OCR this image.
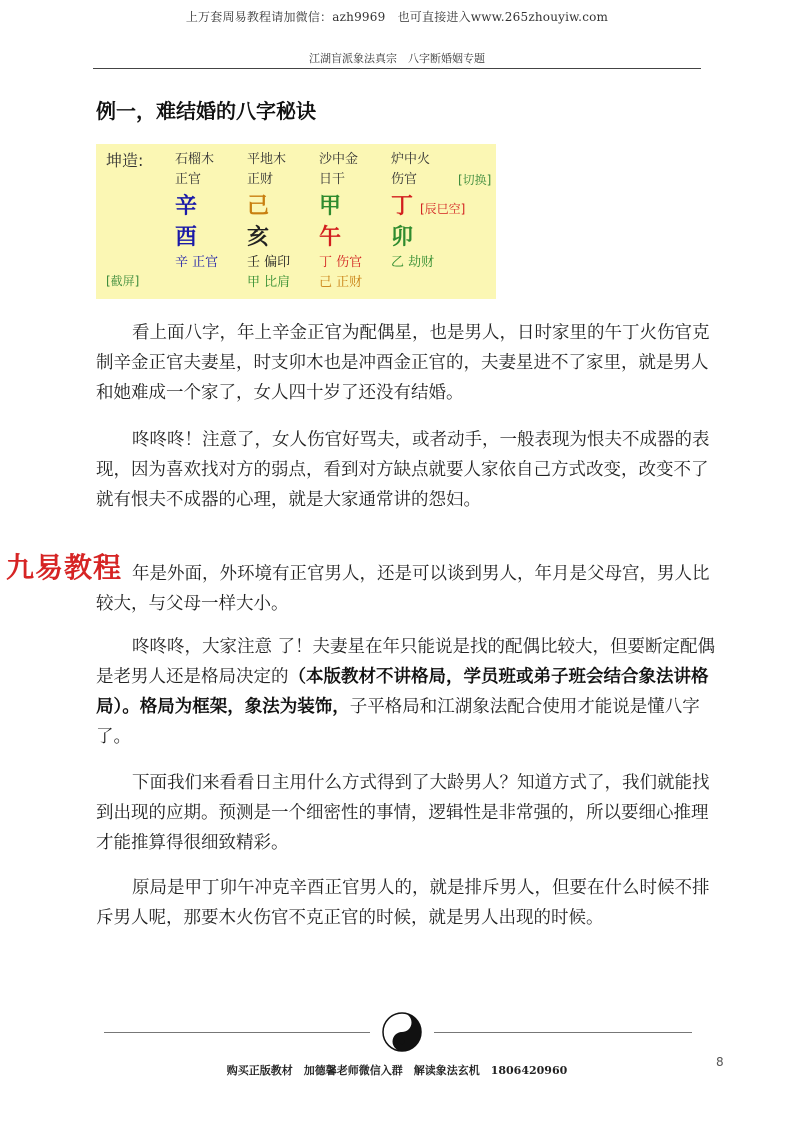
上万套周易教程请加微信：azh9969　也可直接进入www.265zhouyiw.com
江湖盲派象法真宗　八字断婚姻专题
例一，难结婚的八字秘诀
坤造: 石榴木
正官
辛
酉
辛 正官
平地木
正财
己
亥
壬 偏印
甲 比肩
沙中金
日干
甲
午
丁 伤官
己 正财
炉中火
伤官
丁
卯
乙 劫财
[辰巳空]
[切换]
[截屏]

看上面八字，年上辛金正官为配偶星，也是男人，日时家里的午丁火伤官克制辛金正官夫妻星，时支卯木也是冲酉金正官的，夫妻星进不了家里，就是男人和她难成一个家了，女人四十岁了还没有结婚。

咚咚咚！注意了，女人伤官好骂夫，或者动手，一般表现为恨夫不成器的表现，因为喜欢找对方的弱点，看到对方缺点就要人家依自己方式改变，改变不了就有恨夫不成器的心理，就是大家通常讲的怨妇。

年是外面，外环境有正官男人，还是可以谈到男人，年月是父母宫，男人比较大，与父母一样大小。

咚咚咚，大家注意 了！夫妻星在年只能说是找的配偶比较大，但要断定配偶是老男人还是格局决定的（本版教材不讲格局，学员班或弟子班会结合象法讲格局）。格局为框架，象法为装饰，子平格局和江湖象法配合使用才能说是懂八字了。

下面我们来看看日主用什么方式得到了大龄男人？知道方式了，我们就能找到出现的应期。预测是一个细密性的事情，逻辑性是非常强的，所以要细心推理才能推算得很细致精彩。

原局是甲丁卯午冲克辛酉正官男人的，就是排斥男人，但要在什么时候不排斥男人呢，那要木火伤官不克正官的时候，就是男人出现的时候。

九易教程
购买正版教材　加德馨老师微信入群　解读象法玄机　1806420960
8
